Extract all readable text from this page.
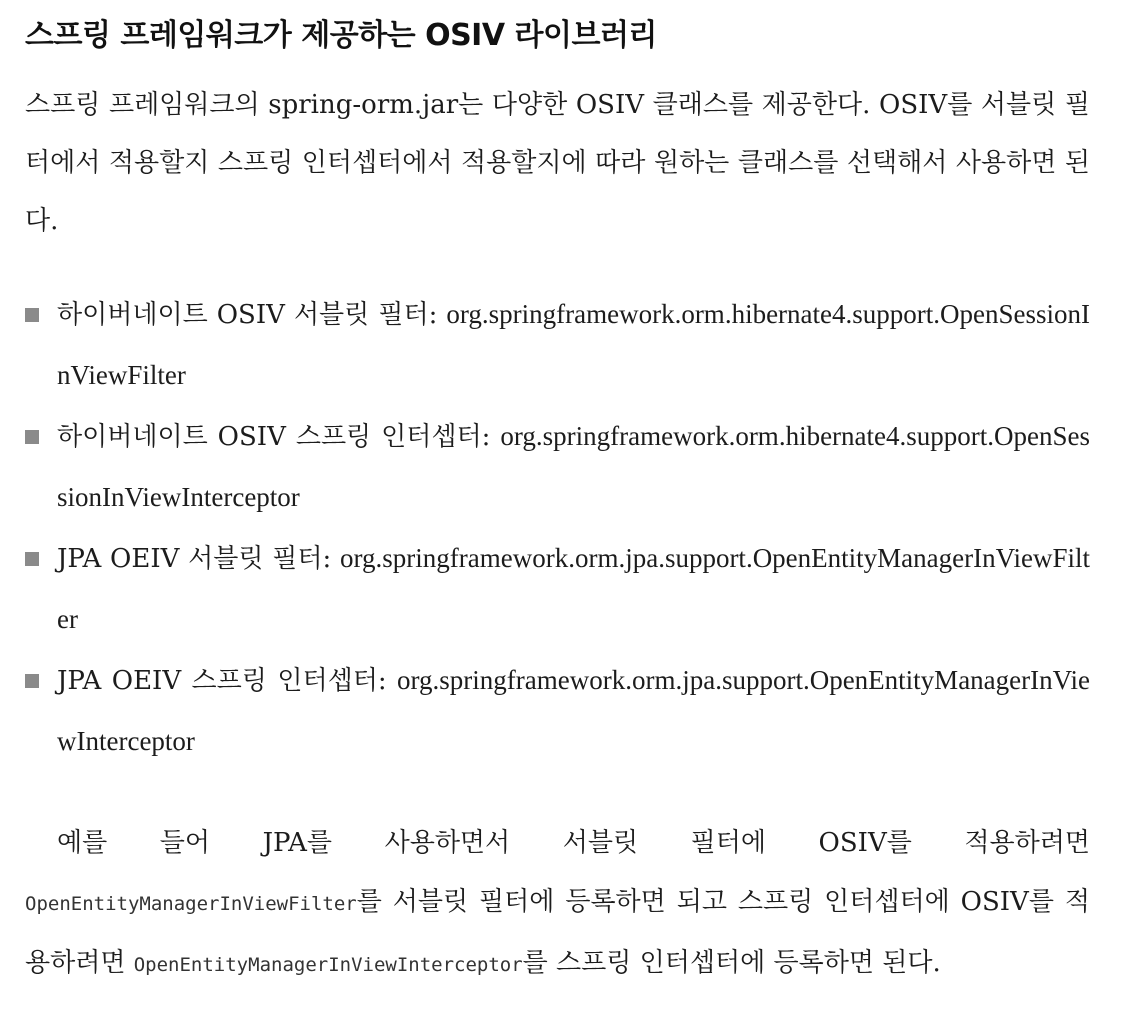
스프링 프레임워크가 제공하는 OSIV 라이브러리

스프링 프레임워크의 spring-orm.jar는 다양한 OSIV 클래스를 제공한다. OSIV를 서블릿 필터에서 적용할지 스프링 인터셉터에서 적용할지에 따라 원하는 클래스를 선택해서 사용하면 된다.

하이버네이트 OSIV 서블릿 필터: org.springframework.orm.hibernate4.support.OpenSessionInViewFilter
하이버네이트 OSIV 스프링 인터셉터: org.springframework.orm.hibernate4.support.OpenSessionInViewInterceptor
JPA OEIV 서블릿 필터: org.springframework.orm.jpa.support.OpenEntityManagerInViewFilter
JPA OEIV 스프링 인터셉터: org.springframework.orm.jpa.support.OpenEntityManagerInViewInterceptor

예를 들어 JPA를 사용하면서 서블릿 필터에 OSIV를 적용하려면 OpenEntityManagerInViewFilter를 서블릿 필터에 등록하면 되고 스프링 인터셉터에 OSIV를 적용하려면 OpenEntityManagerInViewInterceptor를 스프링 인터셉터에 등록하면 된다.
